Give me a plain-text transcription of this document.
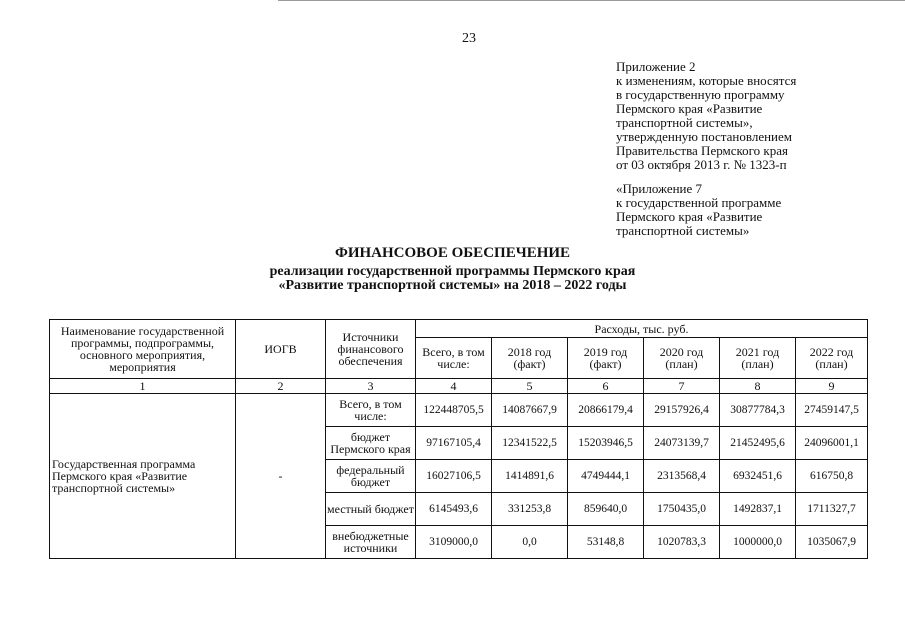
23
Приложение 2
к изменениям, которые вносятся
в государственную программу
Пермского края «Развитие
транспортной системы»,
утвержденную постановлением
Правительства Пермского края
от 03 октября 2013 г. № 1323-п
«Приложение 7
к государственной программе
Пермского края «Развитие
транспортной системы»
ФИНАНСОВОЕ ОБЕСПЕЧЕНИЕ
реализации государственной программы Пермского края
«Развитие транспортной системы» на 2018 – 2022 годы
Наименование государственной программы, подпрограммы, основного мероприятия, мероприятия	ИОГВ	Источники финансового обеспечения	Расходы, тыс. руб.					
			Всего, в том числе:	2018 год (факт)	2019 год (факт)	2020 год (план)	2021 год (план)	2022 год (план)
1	2	3	4	5	6	7	8	9
Государственная программа Пермского края «Развитие транспортной системы»	-	Всего, в том числе:	122448705,5	14087667,9	20866179,4	29157926,4	30877784,3	27459147,5
		бюджет Пермского края	97167105,4	12341522,5	15203946,5	24073139,7	21452495,6	24096001,1
		федеральный бюджет	16027106,5	1414891,6	4749444,1	2313568,4	6932451,6	616750,8
		местный бюджет	6145493,6	331253,8	859640,0	1750435,0	1492837,1	1711327,7
		внебюджетные источники	3109000,0	0,0	53148,8	1020783,3	1000000,0	1035067,9
